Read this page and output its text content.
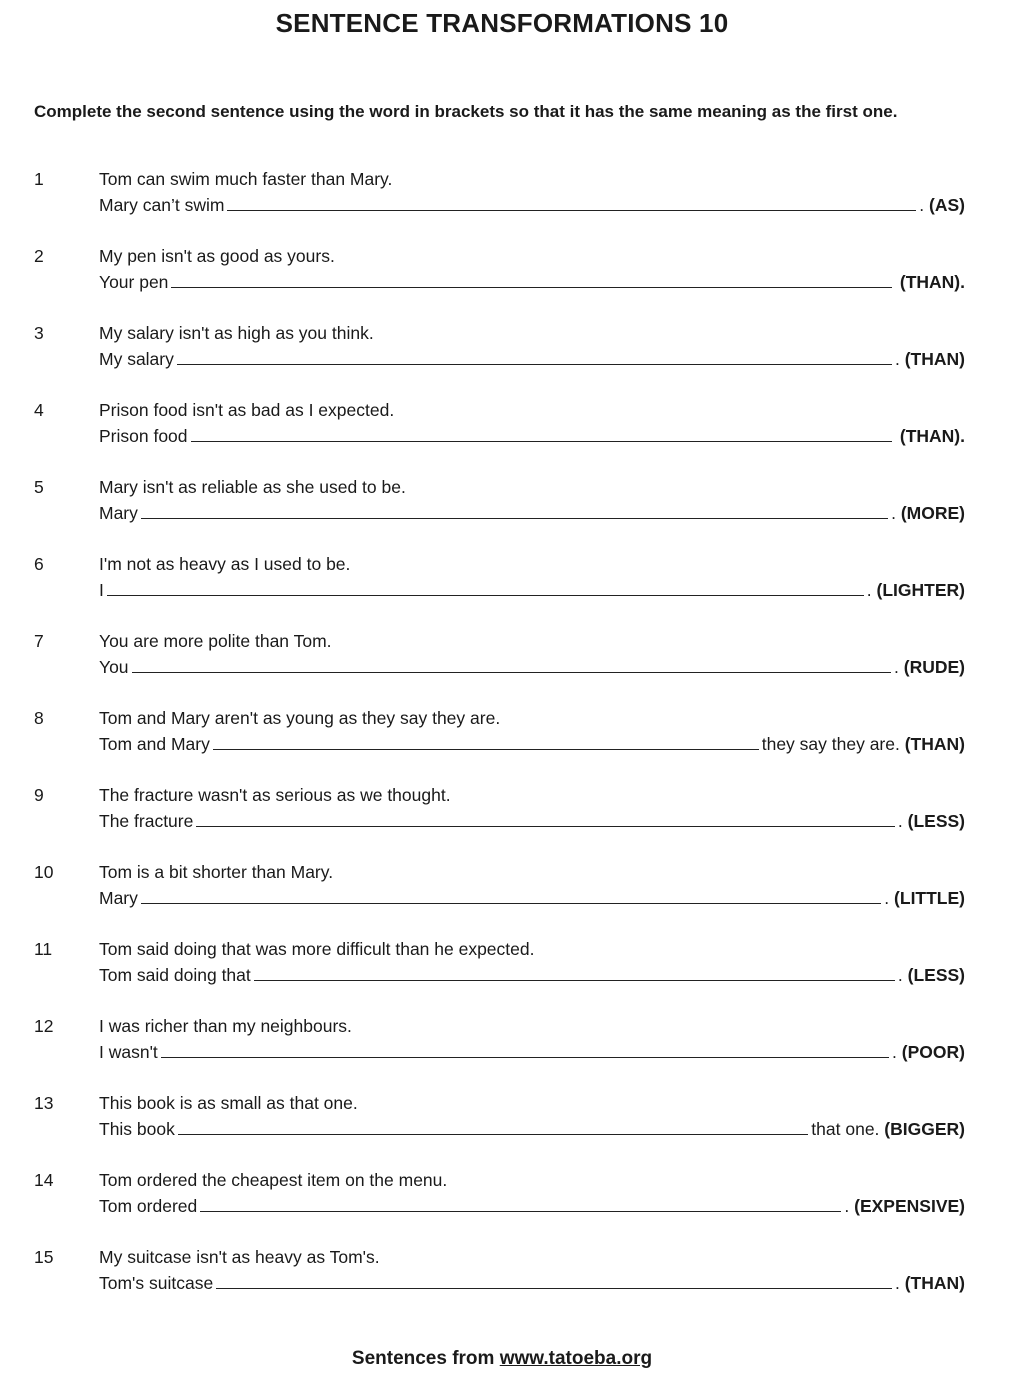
SENTENCE TRANSFORMATIONS 10
Complete the second sentence using the word in brackets so that it has the same meaning as the first one.
1	Tom can swim much faster than Mary.
Mary can’t swim	.
(AS)
2	My pen isn't as good as yours.
Your pen
	(THAN).
3	My salary isn't as high as you think.
My salary	.
(THAN)
4	Prison food isn't as bad as I expected.
Prison food
	(THAN).
5	Mary isn't as reliable as she used to be.
Mary	.
(MORE)
6	I'm not as heavy as I used to be.
I	.
(LIGHTER)
7	You are more polite than Tom.
You	.
(RUDE)
8	Tom and Mary aren't as young as they say they are.
Tom and Mary	they say they are.
(THAN)
9	The fracture wasn't as serious as we thought.
The fracture	.
(LESS)
10	Tom is a bit shorter than Mary.
Mary	.
(LITTLE)
11	Tom said doing that was more difficult than he expected.
Tom said doing that	.
(LESS)
12	I was richer than my neighbours.
I wasn't	.
(POOR)
13	This book is as small as that one.
This book	that one.
(BIGGER)
14	Tom ordered the cheapest item on the menu.
Tom ordered	.
(EXPENSIVE)
15	My suitcase isn't as heavy as Tom's.
Tom's suitcase	.
(THAN)
Sentences from www.tatoeba.org
